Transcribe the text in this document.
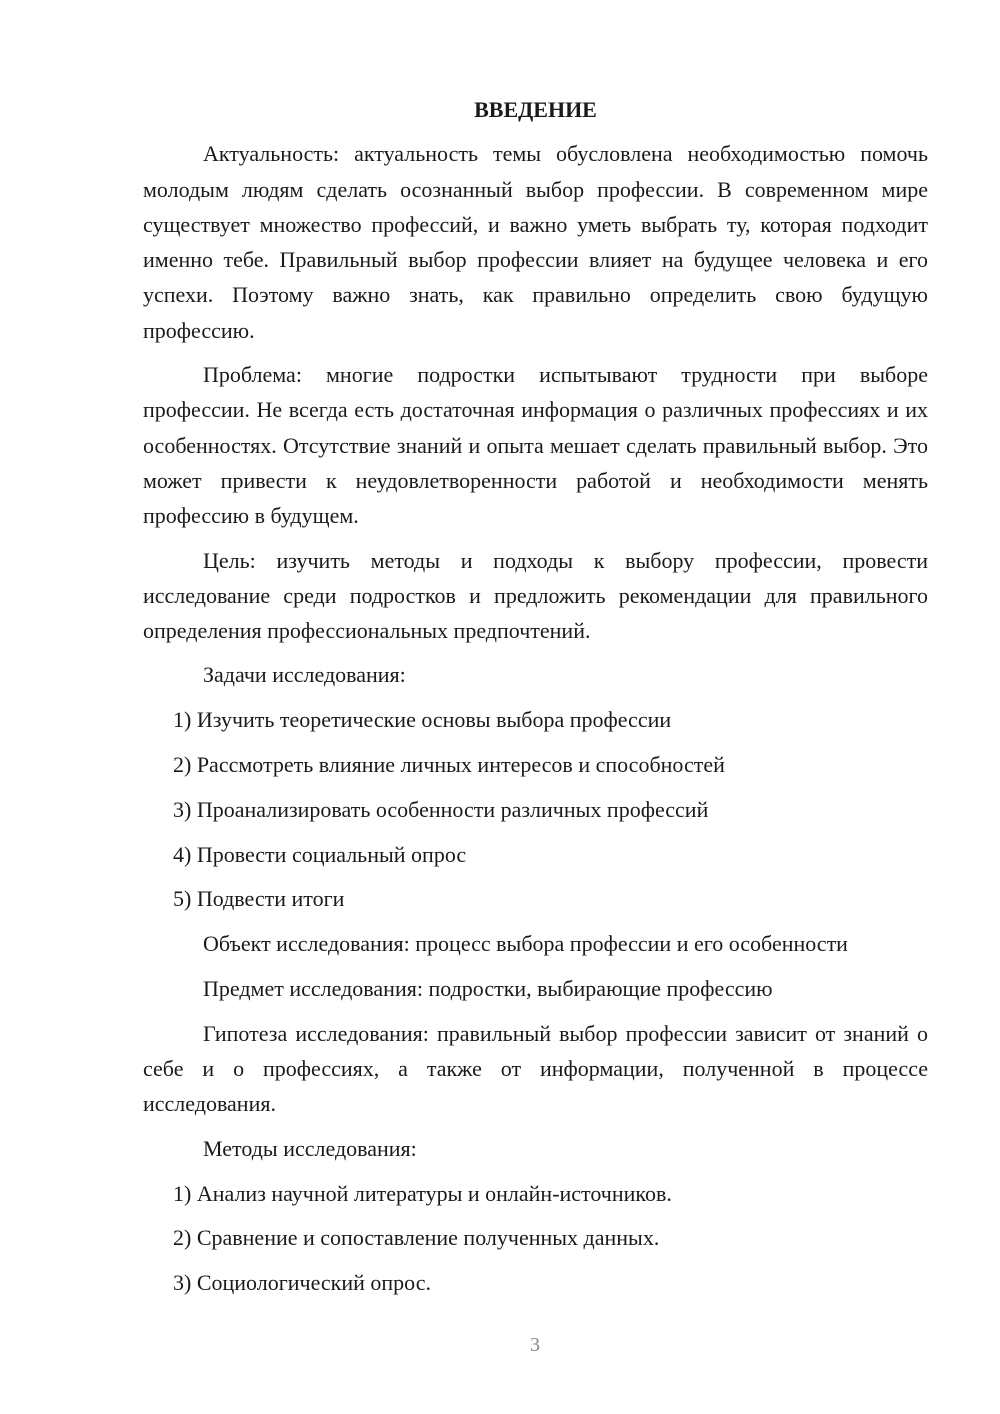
ВВЕДЕНИЕ

Актуальность: актуальность темы обусловлена необходимостью помочь молодым людям сделать осознанный выбор профессии. В современном мире существует множество профессий, и важно уметь выбрать ту, которая подходит именно тебе. Правильный выбор профессии влияет на будущее человека и его успехи. Поэтому важно знать, как правильно определить свою будущую профессию.

Проблема: многие подростки испытывают трудности при выборе профессии. Не всегда есть достаточная информация о различных профессиях и их особенностях. Отсутствие знаний и опыта мешает сделать правильный выбор. Это может привести к неудовлетворенности работой и необходимости менять профессию в будущем.

Цель: изучить методы и подходы к выбору профессии, провести исследование среди подростков и предложить рекомендации для правильного определения профессиональных предпочтений.

Задачи исследования:
1) Изучить теоретические основы выбора профессии
2) Рассмотреть влияние личных интересов и способностей
3) Проанализировать особенности различных профессий
4) Провести социальный опрос
5) Подвести итоги
Объект исследования: процесс выбора профессии и его особенности
Предмет исследования: подростки, выбирающие профессию

Гипотеза исследования: правильный выбор профессии зависит от знаний о себе и о профессиях, а также от информации, полученной в процессе исследования.

Методы исследования:
1) Анализ научной литературы и онлайн-источников.
2) Сравнение и сопоставление полученных данных.
3) Социологический опрос.
3
